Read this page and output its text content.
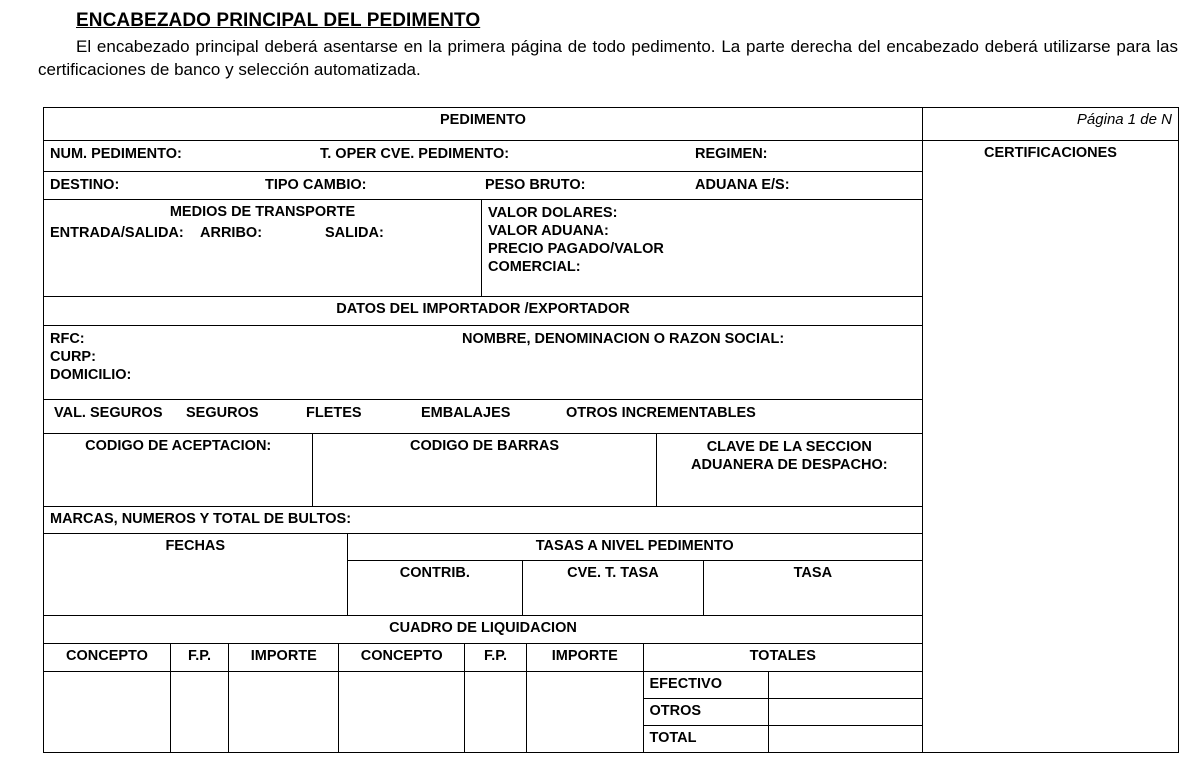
ENCABEZADO PRINCIPAL DEL PEDIMENTO

El encabezado principal deberá asentarse en la primera página de todo pedimento. La parte derecha del encabezado deberá utilizarse para las certificaciones de banco y selección automatizada.

PEDIMENTO	Página 1 de N

NUM. PEDIMENTO:	T. OPER CVE. PEDIMENTO:	REGIMEN:	CERTIFICACIONES

DESTINO:	TIPO CAMBIO:	PESO BRUTO:	ADUANA E/S:

MEDIOS DE TRANSPORTE
ENTRADA/SALIDA:	ARRIBO:	SALIDA:

VALOR DOLARES:
VALOR ADUANA:
PRECIO PAGADO/VALOR
COMERCIAL:

DATOS DEL IMPORTADOR /EXPORTADOR

RFC:
CURP:
DOMICILIO:
NOMBRE, DENOMINACION O RAZON SOCIAL:

VAL. SEGUROS	SEGUROS	FLETES	EMBALAJES	OTROS INCREMENTABLES

CODIGO DE ACEPTACION:	CODIGO DE BARRAS	CLAVE DE LA SECCION
ADUANERA DE DESPACHO:

MARCAS, NUMEROS Y TOTAL DE BULTOS:

FECHAS	TASAS A NIVEL PEDIMENTO

CONTRIB.	CVE. T. TASA	TASA

CUADRO DE LIQUIDACION

CONCEPTO	F.P.	IMPORTE	CONCEPTO	F.P.	IMPORTE	TOTALES

EFECTIVO

OTROS

TOTAL
